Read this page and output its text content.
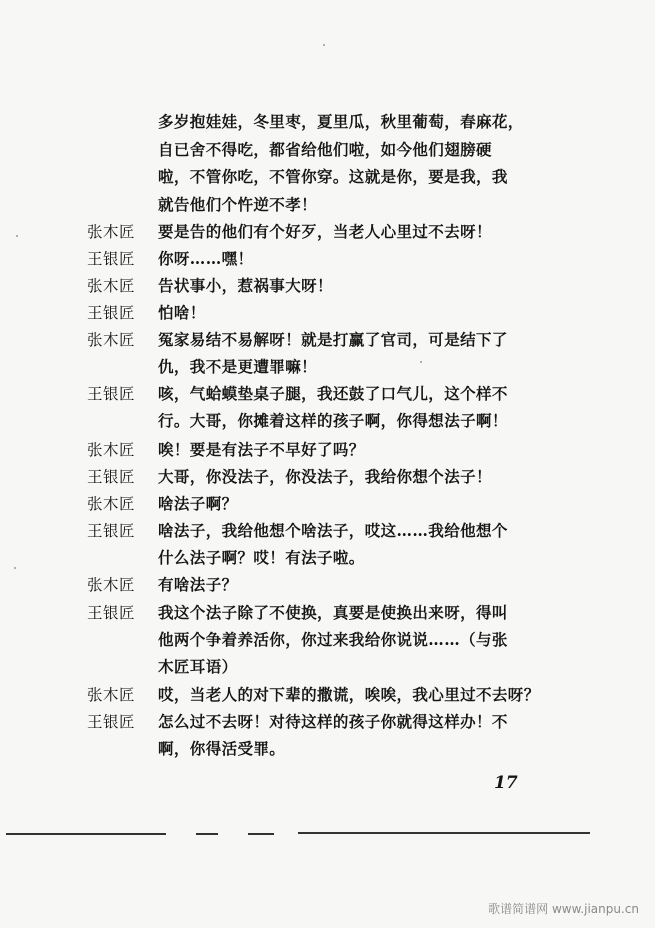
多岁抱娃娃，冬里枣，夏里瓜，秋里葡萄，春麻花，
自已舍不得吃，都省给他们啦，如今他们翅膀硬
啦，不管你吃，不管你穿。这就是你，要是我，我
就告他们个忤逆不孝！
张木匠	要是告的他们有个好歹，当老人心里过不去呀！
王银匠	你呀……嘿！
张木匠	告状事小，惹祸事大呀！
王银匠	怕啥！
张木匠	冤家易结不易解呀！就是打赢了官司，可是结下了
仇，我不是更遭罪嘛！
王银匠	咳，气蛤蟆垫桌子腿，我还鼓了口气儿，这个样不
行。大哥，你摊着这样的孩子啊，你得想法子啊！
张木匠	唉！要是有法子不早好了吗？
王银匠	大哥，你没法子，你没法子，我给你想个法子！
张木匠	啥法子啊？
王银匠	啥法子，我给他想个啥法子，哎这……我给他想个
什么法子啊？哎！有法子啦。
张木匠	有啥法子？
王银匠	我这个法子除了不使换，真要是使换出来呀，得叫
他两个争着养活你，你过来我给你说说……（与张
木匠耳语）
张木匠	哎，当老人的对下辈的撒谎，唉唉，我心里过不去呀？
王银匠	怎么过不去呀！对待这样的孩子你就得这样办！不
啊，你得活受罪。
17
歌谱简谱网 www.jianpu.cn
